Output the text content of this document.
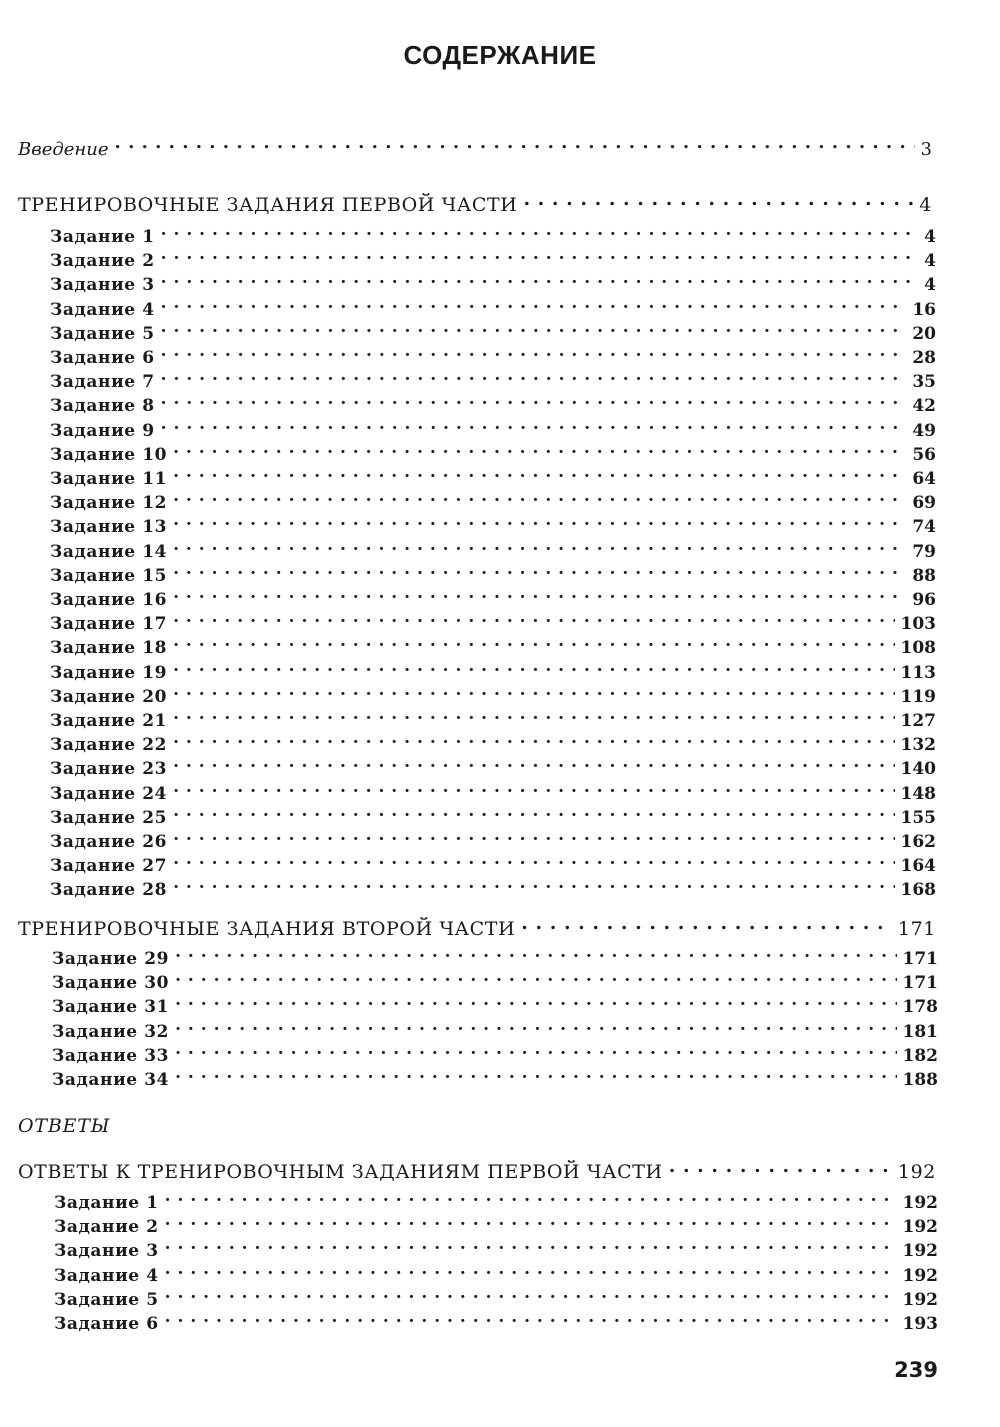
СОДЕРЖАНИЕ
Введение . . .	3
ТРЕНИРОВОЧНЫЕ ЗАДАНИЯ ПЕРВОЙ ЧАСТИ . . .	4
Задание 1 . . .	4
Задание 2 . . .	4
Задание 3 . . .	4
Задание 4 . . .	16
Задание 5 . . .	20
Задание 6 . . .	28
Задание 7 . . .	35
Задание 8 . . .	42
Задание 9 . . .	49
Задание 10 . . .	56
Задание 11 . . .	64
Задание 12 . . .	69
Задание 13 . . .	74
Задание 14 . . .	79
Задание 15 . . .	88
Задание 16 . . .	96
Задание 17 . . .	103
Задание 18 . . .	108
Задание 19 . . .	113
Задание 20 . . .	119
Задание 21 . . .	127
Задание 22 . . .	132
Задание 23 . . .	140
Задание 24 . . .	148
Задание 25 . . .	155
Задание 26 . . .	162
Задание 27 . . .	164
Задание 28 . . .	168
ТРЕНИРОВОЧНЫЕ ЗАДАНИЯ ВТОРОЙ ЧАСТИ . . .	171
Задание 29 . . .	171
Задание 30 . . .	171
Задание 31 . . .	178
Задание 32 . . .	181
Задание 33 . . .	182
Задание 34 . . .	188
ОТВЕТЫ
ОТВЕТЫ К ТРЕНИРОВОЧНЫМ ЗАДАНИЯМ ПЕРВОЙ ЧАСТИ . . .	192
Задание 1 . . .	192
Задание 2 . . .	192
Задание 3 . . .	192
Задание 4 . . .	192
Задание 5 . . .	192
Задание 6 . . .	193
239
